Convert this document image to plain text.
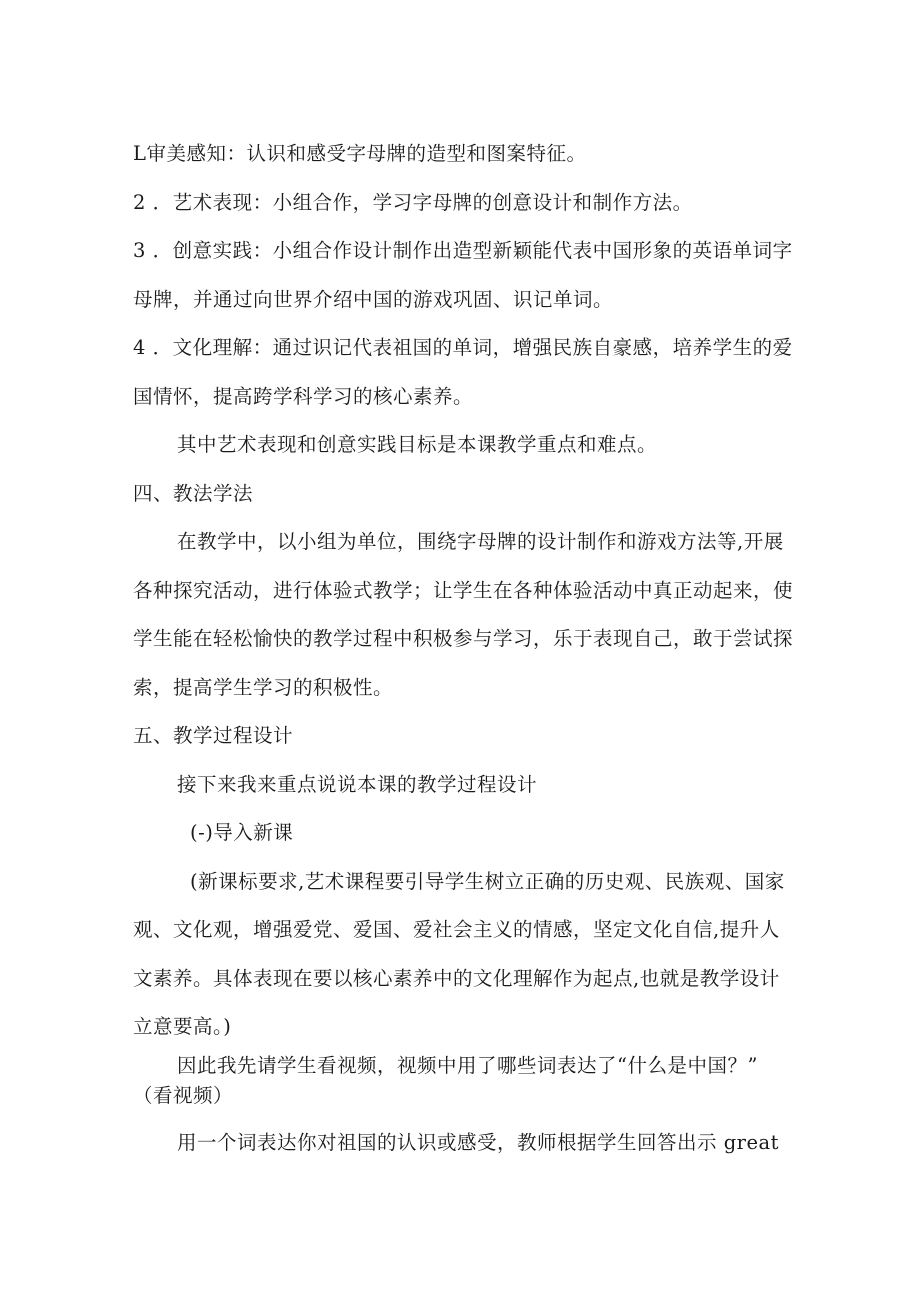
L审美感知：认识和感受字母牌的造型和图案特征。
2 ．艺术表现：小组合作，学习字母牌的创意设计和制作方法。
3 ．创意实践：小组合作设计制作出造型新颖能代表中国形象的英语单词字
母牌，并通过向世界介绍中国的游戏巩固、识记单词。
4 ．文化理解：通过识记代表祖国的单词，增强民族自豪感，培养学生的爱
国情怀，提高跨学科学习的核心素养。
其中艺术表现和创意实践目标是本课教学重点和难点。
四、教法学法
在教学中，以小组为单位，围绕字母牌的设计制作和游戏方法等,开展
各种探究活动，进行体验式教学；让学生在各种体验活动中真正动起来，使
学生能在轻松愉快的教学过程中积极参与学习，乐于表现自己，敢于尝试探
索，提高学生学习的积极性。
五、教学过程设计
接下来我来重点说说本课的教学过程设计
(-)导入新课
(新课标要求,艺术课程要引导学生树立正确的历史观、民族观、国家
观、文化观，增强爱党、爱国、爱社会主义的情感，坚定文化自信,提升人
文素养。具体表现在要以核心素养中的文化理解作为起点,也就是教学设计
立意要高。)
因此我先请学生看视频，视频中用了哪些词表达了“什么是中国？”
（看视频）
用一个词表达你对祖国的认识或感受，教师根据学生回答出示 great
